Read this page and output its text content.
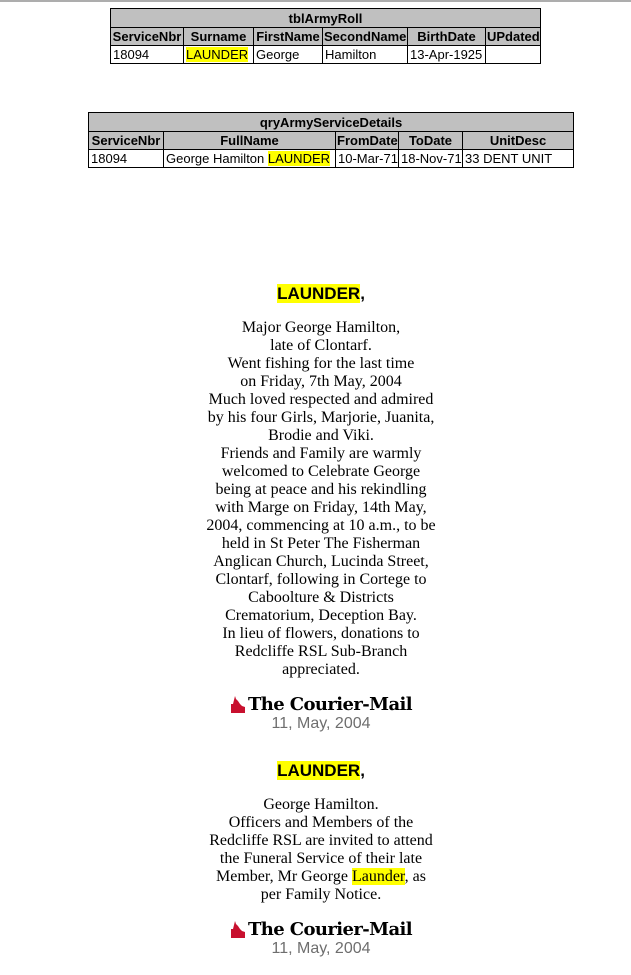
tblArmyRoll					
ServiceNbr	Surname	FirstName	SecondName	BirthDate	UPdated
18094	LAUNDER	George	Hamilton	13-Apr-1925	
qryArmyServiceDetails				
ServiceNbr	FullName	FromDate	ToDate	UnitDesc
18094	George Hamilton LAUNDER	10-Mar-71	18-Nov-71	33 DENT UNIT
LAUNDER,
Major George Hamilton,
late of Clontarf.
Went fishing for the last time
on Friday, 7th May, 2004
Much loved respected and admired
by his four Girls, Marjorie, Juanita,
Brodie and Viki.
Friends and Family are warmly
welcomed to Celebrate George
being at peace and his rekindling
with Marge on Friday, 14th May,
2004, commencing at 10 a.m., to be
held in St Peter The Fisherman
Anglican Church, Lucinda Street,
Clontarf, following in Cortege to
Caboolture & Districts
Crematorium, Deception Bay.
In lieu of flowers, donations to
Redcliffe RSL Sub-Branch
appreciated.

The Courier-Mail
11, May, 2004
LAUNDER,
George Hamilton.
Officers and Members of the
Redcliffe RSL are invited to attend
the Funeral Service of their late
Member, Mr George Launder, as
per Family Notice.

The Courier-Mail
11, May, 2004
